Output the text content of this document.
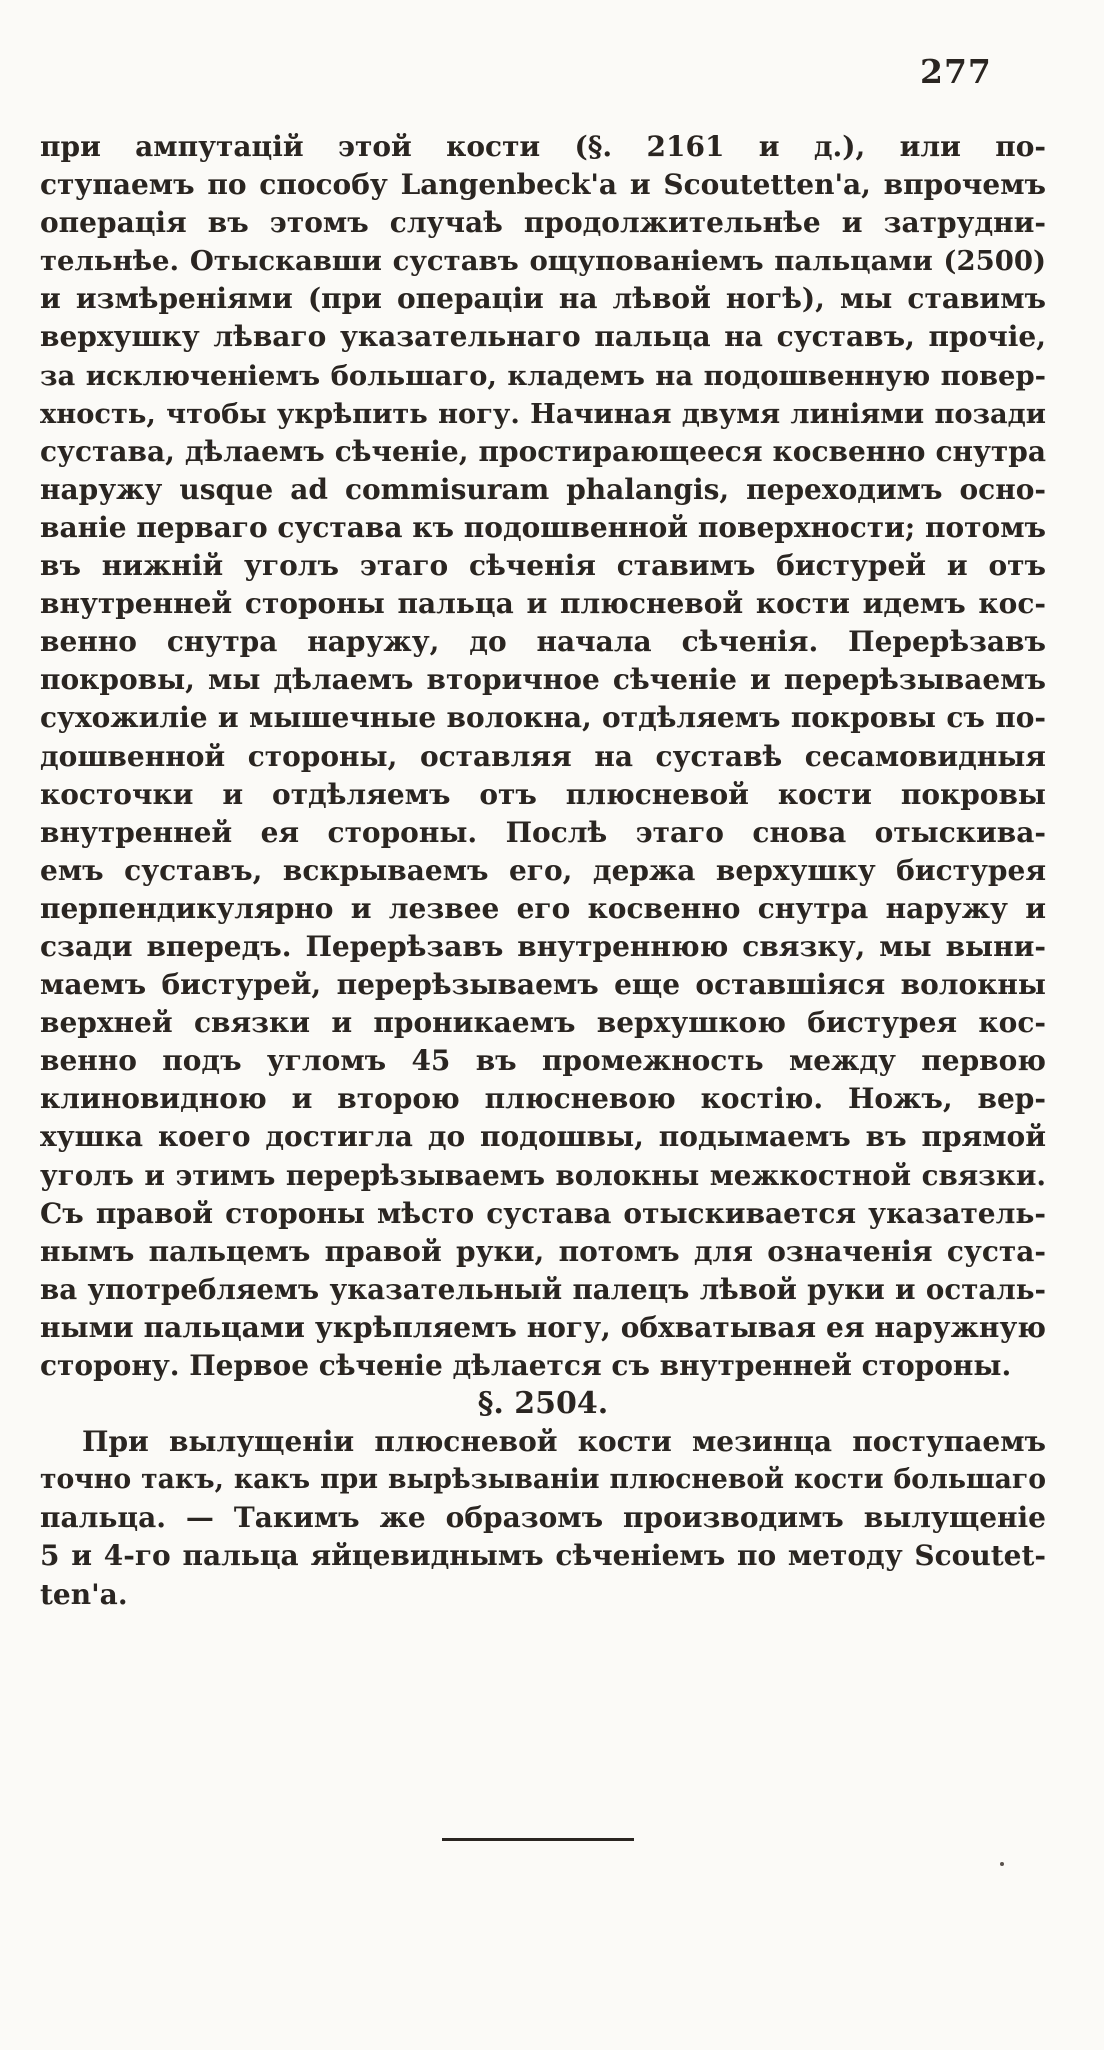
277
при ампутацій этой кости (§. 2161 и д.), или по-
ступаемъ по способу Langenbeck'a и Scoutetten'a, впрочемъ
операція въ этомъ случаѣ продолжительнѣе и затрудни-
тельнѣе. Отыскавши суставъ ощупованіемъ пальцами (2500)
и измѣреніями (при операціи на лѣвой ногѣ), мы ставимъ
верхушку лѣваго указательнаго пальца на суставъ, прочіе,
за исключеніемъ большаго, кладемъ на подошвенную повер-
хность, чтобы укрѣпить ногу. Начиная двумя линіями позади
сустава, дѣлаемъ сѣченіе, простирающееся косвенно снутра
наружу usque ad commisuram phalangis, переходимъ осно-
ваніе перваго сустава къ подошвенной поверхности; потомъ
въ нижній уголъ этаго сѣченія ставимъ бистурей и отъ
внутренней стороны пальца и плюсневой кости идемъ кос-
венно снутра наружу, до начала сѣченія. Перерѣзавъ
покровы, мы дѣлаемъ вторичное сѣченіе и перерѣзываемъ
сухожиліе и мышечные волокна, отдѣляемъ покровы съ по-
дошвенной стороны, оставляя на суставѣ сесамовидныя
косточки и отдѣляемъ отъ плюсневой кости покровы
внутренней ея стороны. Послѣ этаго снова отыскива-
емъ суставъ, вскрываемъ его, держа верхушку бистурея
перпендикулярно и лезвее его косвенно снутра наружу и
сзади впередъ. Перерѣзавъ внутреннюю связку, мы выни-
маемъ бистурей, перерѣзываемъ еще оставшіяся волокны
верхней связки и проникаемъ верхушкою бистурея кос-
венно подъ угломъ 45 въ промежность между первою
клиновидною и второю плюсневою костію. Ножъ, вер-
хушка коего достигла до подошвы, подымаемъ въ прямой
уголъ и этимъ перерѣзываемъ волокны межкостной связки.
Съ правой стороны мѣсто сустава отыскивается указатель-
нымъ пальцемъ правой руки, потомъ для означенія суста-
ва употребляемъ указательный палецъ лѣвой руки и осталь-
ными пальцами укрѣпляемъ ногу, обхватывая ея наружную
сторону. Первое сѣченіе дѣлается съ внутренней стороны.
§. 2504.
При вылущеніи плюсневой кости мезинца поступаемъ
точно такъ, какъ при вырѣзываніи плюсневой кости большаго
пальца. — Такимъ же образомъ производимъ вылущеніе
5 и 4-го пальца яйцевиднымъ сѣченіемъ по методу Scoutet-
ten'a.
